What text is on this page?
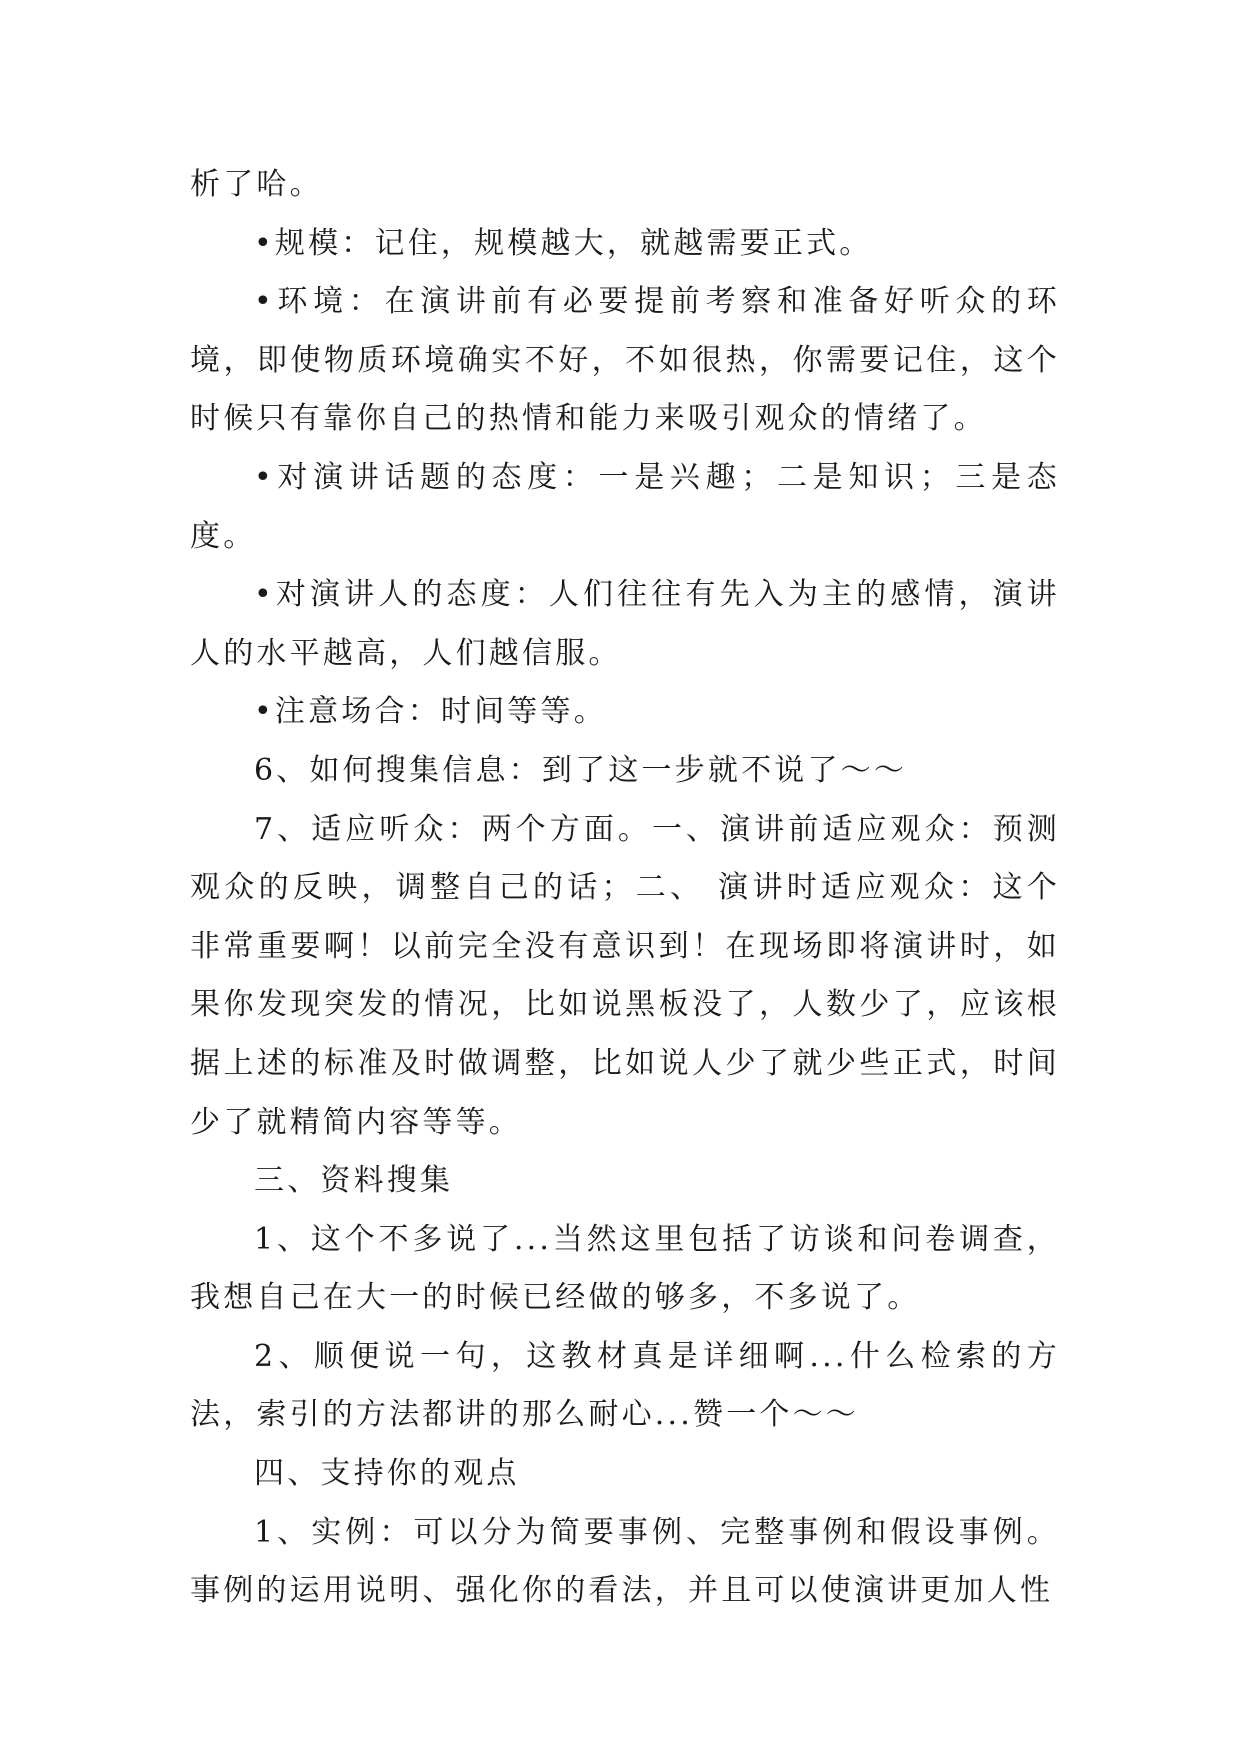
析了哈。

•规模：记住，规模越大，就越需要正式。

•环境：在演讲前有必要提前考察和准备好听众的环境，即使物质环境确实不好，不如很热，你需要记住，这个时候只有靠你自己的热情和能力来吸引观众的情绪了。

•对演讲话题的态度：一是兴趣；二是知识；三是态度。

•对演讲人的态度：人们往往有先入为主的感情，演讲人的水平越高，人们越信服。

•注意场合：时间等等。

6、如何搜集信息：到了这一步就不说了～～

7、适应听众：两个方面。一、演讲前适应观众：预测观众的反映，调整自己的话；二、 演讲时适应观众：这个非常重要啊！以前完全没有意识到！在现场即将演讲时，如果你发现突发的情况，比如说黑板没了，人数少了，应该根据上述的标准及时做调整，比如说人少了就少些正式，时间少了就精简内容等等。

三、资料搜集

1、这个不多说了...当然这里包括了访谈和问卷调查，我想自己在大一的时候已经做的够多，不多说了。

2、顺便说一句，这教材真是详细啊...什么检索的方法，索引的方法都讲的那么耐心...赞一个～～

四、支持你的观点

1、实例：可以分为简要事例、完整事例和假设事例。事例的运用说明、强化你的看法，并且可以使演讲更加人性
